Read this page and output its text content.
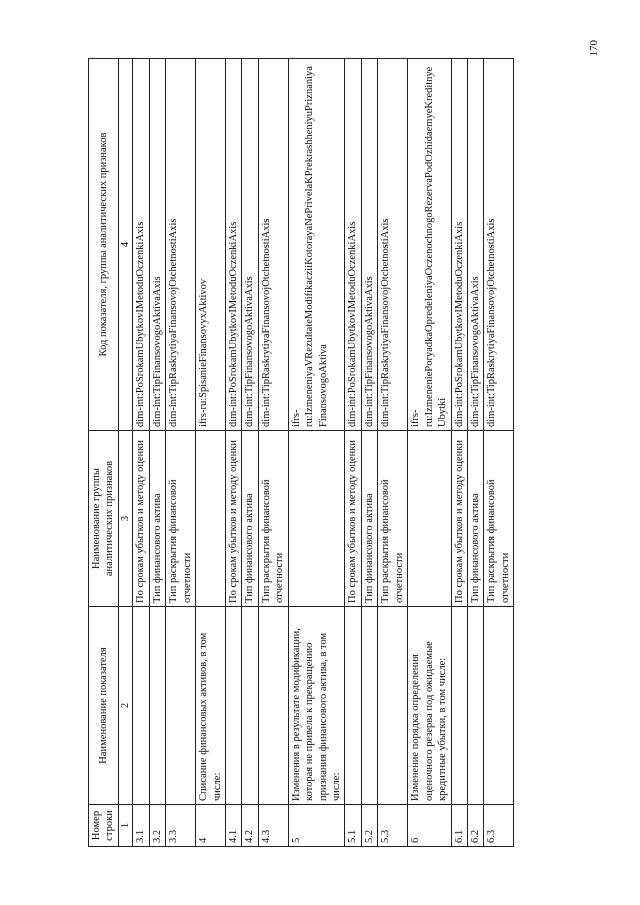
170
Номер строки	Наименование показателя	Наименование группы аналитических признаков	Код показателя, группы аналитических признаков
1	2	3	4
3.1		По срокам убытков и методу оценки	dim-int:PoSrokamUbytkovIMetoduOczenkiAxis
3.2		Тип финансового актива	dim-int:TipFinansovogoAktivaAxis
3.3		Тип раскрытия финансовой отчетности	dim-int:TipRaskrytiyaFinansovojOtchetnostiAxis
4	Списание финансовых активов, в том числе:		ifrs-ru:SpisanieFinansovyxAktivov
4.1		По срокам убытков и методу оценки	dim-int:PoSrokamUbytkovIMetoduOczenkiAxis
4.2		Тип финансового актива	dim-int:TipFinansovogoAktivaAxis
4.3		Тип раскрытия финансовой отчетности	dim-int:TipRaskrytiyaFinansovojOtchetnostiAxis
5	Изменения в результате модификации, которая не привела к прекращению признания финансового актива, в том числе:		ifrs-ru:IzmeneniyaVRezultateModifikacziiKotorayaNePrivelaKPrekrashheniyuPriznaniyaFinansovogoAktiva
5.1		По срокам убытков и методу оценки	dim-int:PoSrokamUbytkovIMetoduOczenkiAxis
5.2		Тип финансового актива	dim-int:TipFinansovogoAktivaAxis
5.3		Тип раскрытия финансовой отчетности	dim-int:TipRaskrytiyaFinansovojOtchetnostiAxis
6	Изменение порядка определения оценочного резерва под ожидаемые кредитные убытки, в том числе:		ifrs-ru:IzmeneniePoryadkaOpredeleniyaOczenochnogoRezervaPodOzhidaemyeKreditnyeUbytki
6.1		По срокам убытков и методу оценки	dim-int:PoSrokamUbytkovIMetoduOczenkiAxis
6.2		Тип финансового актива	dim-int:TipFinansovogoAktivaAxis
6.3		Тип раскрытия финансовой отчетности	dim-int:TipRaskrytiyaFinansovojOtchetnostiAxis
